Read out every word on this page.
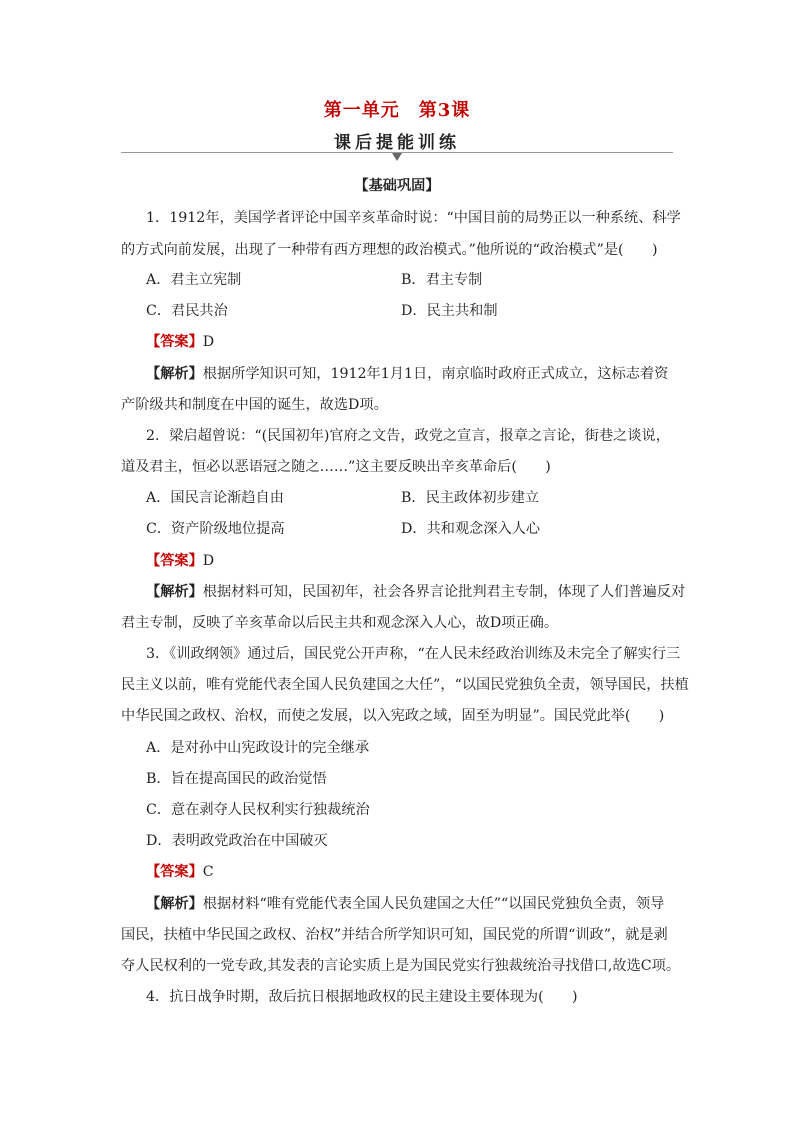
第一单元　第3课
课后提能训练
【基础巩固】
1．1912年，美国学者评论中国辛亥革命时说：“中国目前的局势正以一种系统、科学
的方式向前发展，出现了一种带有西方理想的政治模式。”他所说的“政治模式”是(　　)
A．君主立宪制	B．君主专制
C．君民共治	D．民主共和制
【答案】D
【解析】根据所学知识可知，1912年1月1日，南京临时政府正式成立，这标志着资
产阶级共和制度在中国的诞生，故选D项。
2．梁启超曾说：“(民国初年)官府之文告，政党之宣言，报章之言论，街巷之谈说，
道及君主，恒必以恶语冠之随之……”这主要反映出辛亥革命后(　　)
A．国民言论渐趋自由	B．民主政体初步建立
C．资产阶级地位提高	D．共和观念深入人心
【答案】D
【解析】根据材料可知，民国初年，社会各界言论批判君主专制，体现了人们普遍反对
君主专制，反映了辛亥革命以后民主共和观念深入人心，故D项正确。
3．《训政纲领》通过后，国民党公开声称，“在人民未经政治训练及未完全了解实行三
民主义以前，唯有党能代表全国人民负建国之大任”，“以国民党独负全责，领导国民，扶植
中华民国之政权、治权，而使之发展，以入宪政之域，固至为明显”。国民党此举(　　)
A．是对孙中山宪政设计的完全继承
B．旨在提高国民的政治觉悟
C．意在剥夺人民权利实行独裁统治
D．表明政党政治在中国破灭
【答案】C
【解析】根据材料“唯有党能代表全国人民负建国之大任”“以国民党独负全责，领导
国民，扶植中华民国之政权、治权”并结合所学知识可知，国民党的所谓“训政”，就是剥
夺人民权利的一党专政,其发表的言论实质上是为国民党实行独裁统治寻找借口,故选C项。
4．抗日战争时期，敌后抗日根据地政权的民主建设主要体现为(　　)
